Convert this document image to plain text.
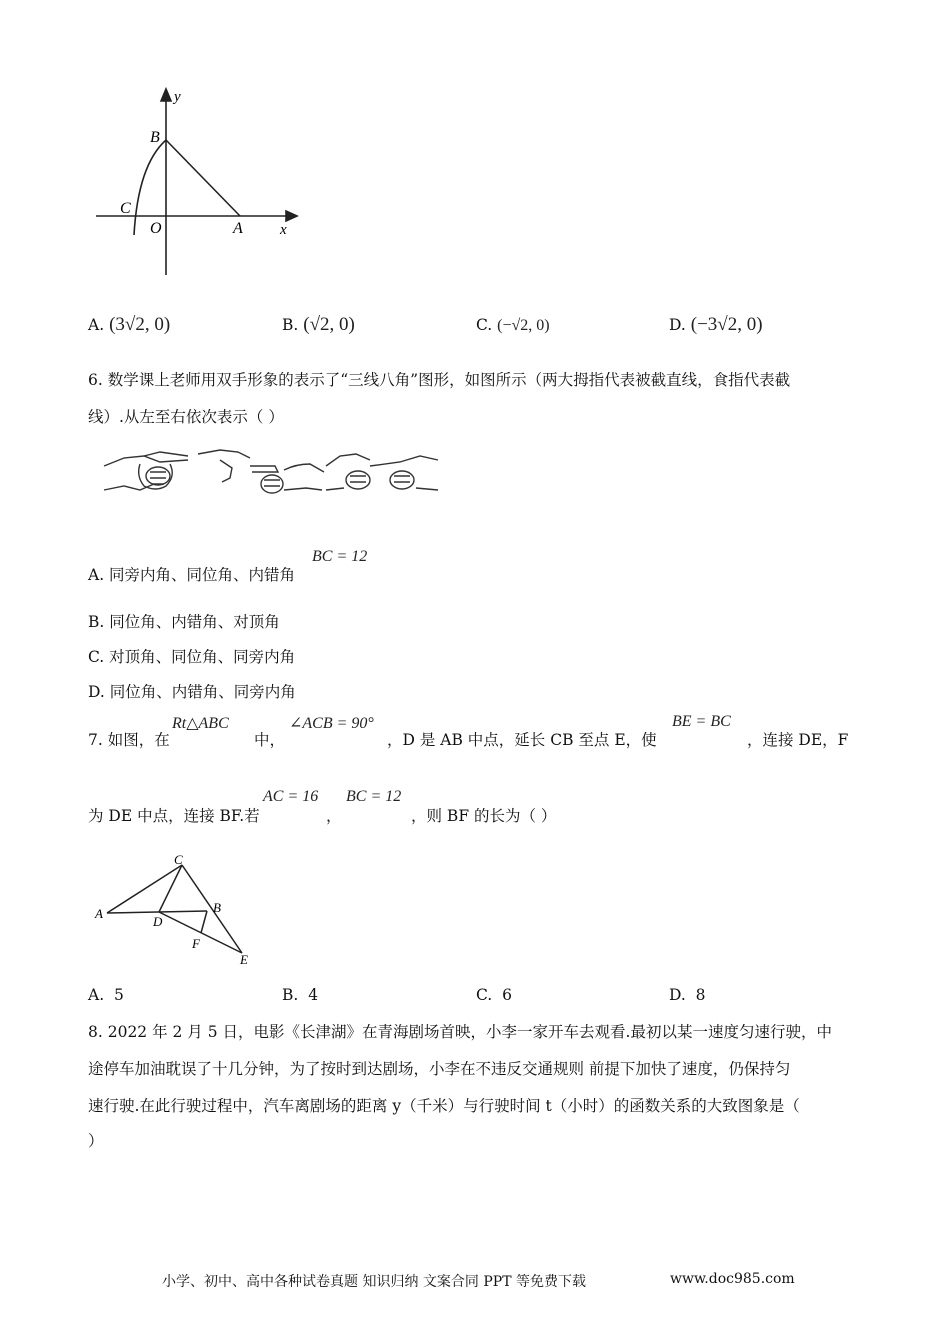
y
B
C
O	A x
A. (3√2, 0)	B. (√2, 0)	C. (−√2, 0)	D. (−3√2, 0)
6. 数学课上老师用双手形象的表示了“三线八角”图形，如图所示（两大拇指代表被截直线，食指代表截
线）.从左至右依次表示（ ）
A. 同旁内角、同位角、内错角
BC = 12
B. 同位角、内错角、对顶角
C. 对顶角、同位角、同旁内角
D. 同位角、内错角、同旁内角
7. 如图，在
Rt△ABC
中，
∠ACB = 90°
，D 是 AB 中点，延长 CB 至点 E，使
BE = BC
，连接 DE，F
为 DE 中点，连接 BF.若
AC = 16
，
BC = 12
，则 BF 的长为（ ）
C
A
D
B
F
E
A. 5	B. 4	C. 6	D. 8
8. 2022 年 2 月 5 日，电影《长津湖》在青海剧场首映，小李一家开车去观看.最初以某一速度匀速行驶，中
途停车加油耽误了十几分钟，为了按时到达剧场，小李在不违反交通规则 前提下加快了速度，仍保持匀
速行驶.在此行驶过程中，汽车离剧场的距离 y（千米）与行驶时间 t（小时）的函数关系的大致图象是（
）
小学、初中、高中各种试卷真题 知识归纳 文案合同 PPT 等免费下载	www.doc985.com
